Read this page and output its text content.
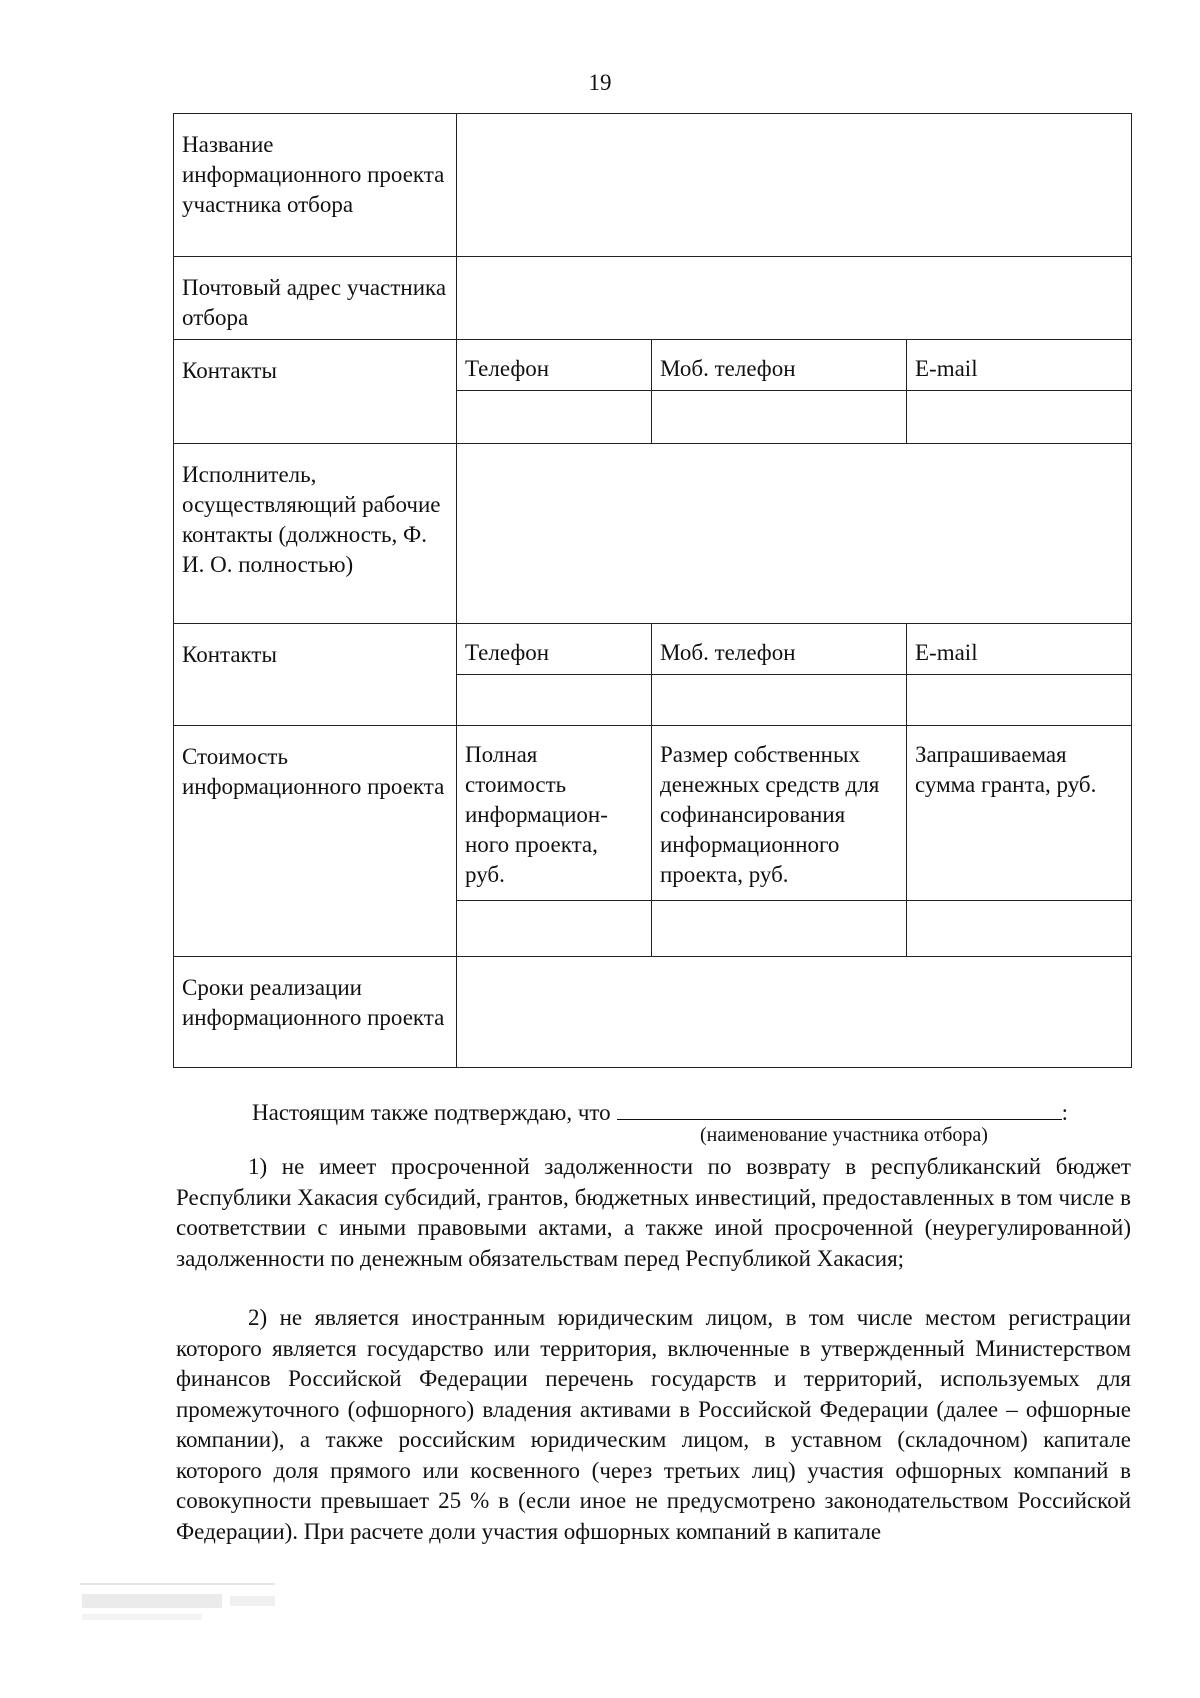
19
Название информационного проекта участника отбора			
Почтовый адрес участника отбора			
Контакты	Телефон	Моб. телефон	E-mail

Исполнитель, осуществляющий рабочие контакты (должность, Ф. И. О. полностью)			
Контакты	Телефон	Моб. телефон	E-mail

Стоимость информационного проекта	Полная стоимость информационного проекта, руб.	Размер собственных денежных средств для софинансирования информационного проекта, руб.	Запрашиваемая сумма гранта, руб.

Сроки реализации информационного проекта			
Настоящим также подтверждаю, что	:
(наименование участника отбора)
1) не имеет просроченной задолженности по возврату в республиканский бюджет Республики Хакасия субсидий, грантов, бюджетных инвестиций, предоставленных в том числе в соответствии с иными правовыми актами, а также иной просроченной (неурегулированной) задолженности по денежным обязательствам перед Республикой Хакасия;
2) не является иностранным юридическим лицом, в том числе местом регистрации которого является государство или территория, включенные в утвержденный Министерством финансов Российской Федерации перечень государств и территорий, используемых для промежуточного (офшорного) владения активами в Российской Федерации (далее – офшорные компании), а также российским юридическим лицом, в уставном (складочном) капитале которого доля прямого или косвенного (через третьих лиц) участия офшорных компаний в совокупности превышает 25 % в (если иное не предусмотрено законодательством Российской Федерации). При расчете доли участия офшорных компаний в капитале
